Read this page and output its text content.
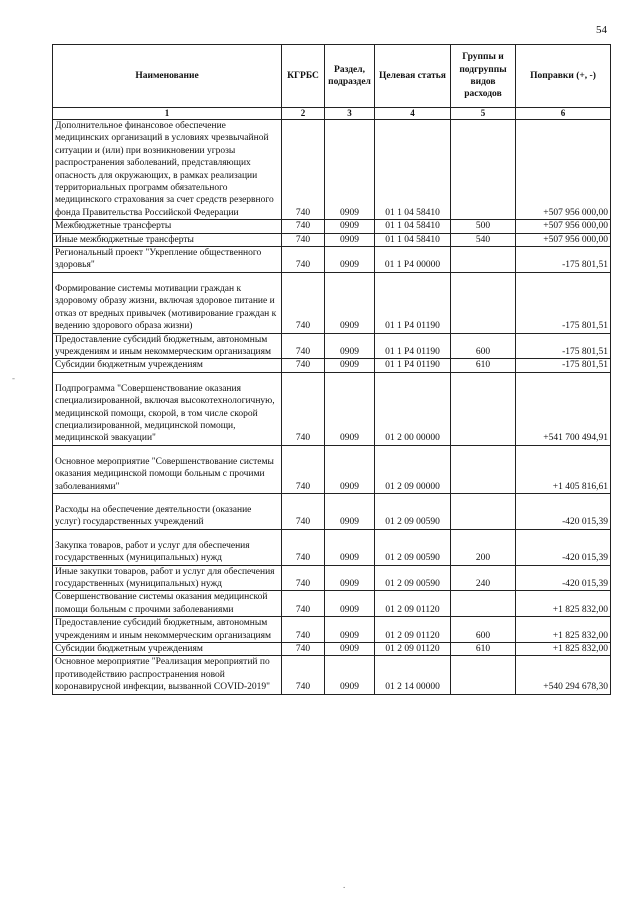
54
-
Наименование	КГРБС	Раздел, подраздел	Целевая статья	Группы и подгруппы видов расходов	Поправки (+, -)
1	2	3	4	5	6
Дополнительное финансовое обеспечение медицинских организаций в условиях чрезвычайной ситуации и (или) при возникновении угрозы распространения заболеваний, представляющих опасность для окружающих, в рамках реализации территориальных программ обязательного медицинского страхования за счет средств резервного фонда Правительства Российской Федерации	740	0909	01 1 04 58410		+507 956 000,00
Межбюджетные трансферты	740	0909	01 1 04 58410	500	+507 956 000,00
Иные межбюджетные трансферты	740	0909	01 1 04 58410	540	+507 956 000,00
Региональный проект "Укрепление общественного здоровья"	740	0909	01 1 P4 00000		-175 801,51
Формирование системы мотивации граждан к здоровому образу жизни, включая здоровое питание и отказ от вредных привычек (мотивирование граждан к ведению здорового образа жизни)	740	0909	01 1 P4 01190		-175 801,51
Предоставление субсидий бюджетным, автономным учреждениям и иным некоммерческим организациям	740	0909	01 1 P4 01190	600	-175 801,51
Субсидии бюджетным учреждениям	740	0909	01 1 P4 01190	610	-175 801,51
Подпрограмма "Совершенствование оказания специализированной, включая высокотехнологичную, медицинской помощи, скорой, в том числе скорой специализированной, медицинской помощи, медицинской эвакуации"	740	0909	01 2 00 00000		+541 700 494,91
Основное мероприятие "Совершенствование системы оказания медицинской помощи больным с прочими заболеваниями"	740	0909	01 2 09 00000		+1 405 816,61
Расходы на обеспечение деятельности (оказание услуг) государственных учреждений	740	0909	01 2 09 00590		-420 015,39
Закупка товаров, работ и услуг для обеспечения государственных (муниципальных) нужд	740	0909	01 2 09 00590	200	-420 015,39
Иные закупки товаров, работ и услуг для обеспечения государственных (муниципальных) нужд	740	0909	01 2 09 00590	240	-420 015,39
Совершенствование системы оказания медицинской помощи больным с прочими заболеваниями	740	0909	01 2 09 01120		+1 825 832,00
Предоставление субсидий бюджетным, автономным учреждениям и иным некоммерческим организациям	740	0909	01 2 09 01120	600	+1 825 832,00
Субсидии бюджетным учреждениям	740	0909	01 2 09 01120	610	+1 825 832,00
Основное мероприятие "Реализация мероприятий по противодействию распространения новой коронавирусной инфекции, вызванной COVID-2019"	740	0909	01 2 14 00000		+540 294 678,30
.
